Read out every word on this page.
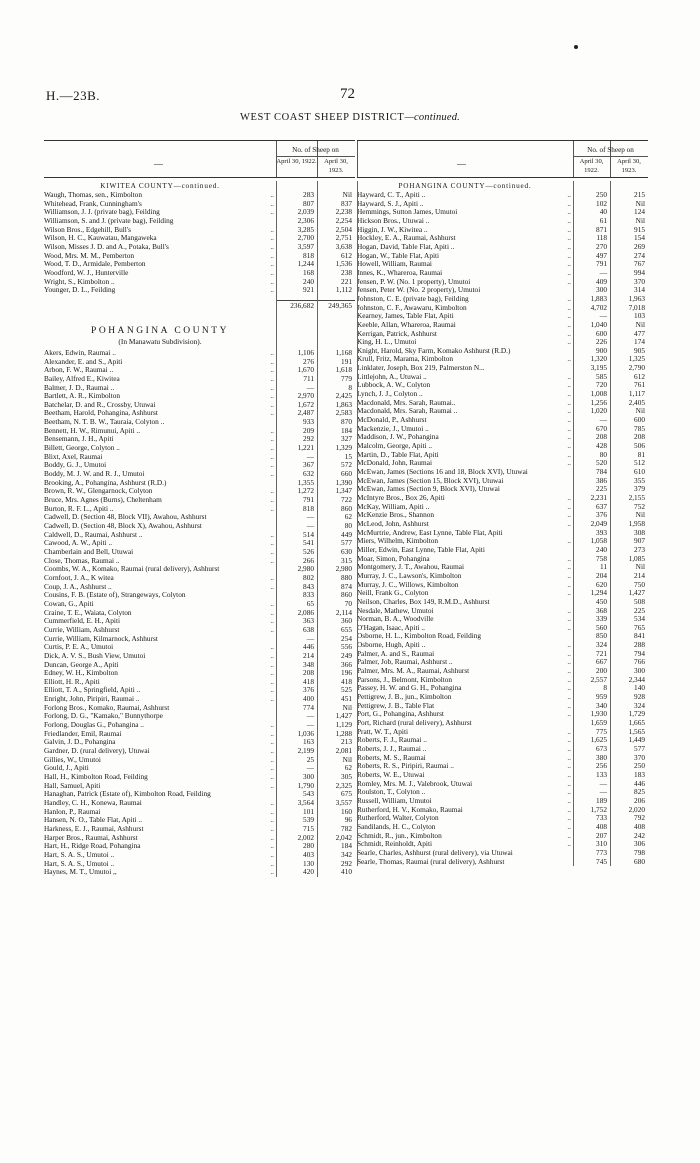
H.—23B.	72
WEST COAST SHEEP DISTRICT—continued.
—
No. of Sheep on
April 30, 1922.	April 30, 1923.
KIWITEA COUNTY—continued.
Waugh, Thomas, sen., Kimbolton	..	283	Nil
Whitehead, Frank, Cunningham's	..	807	837
Williamson, J. J. (private bag), Feilding	..	2,039	2,238
Williamson, S. and J. (private bag), Feilding	2,306	2,254
Wilson Bros., Edgehill, Bull's	..	3,285	2,504
Wilson, H. C., Kauwatau, Mangaweka	..	2,700	2,751
Wilson, Misses J. D. and A., Potaka, Bull's	..	3,597	3,638
Wood, Mrs. M. M., Pemberton	..	818	612
Wood, T. D., Armidale, Pemberton	..	1,244	1,536
Woodford, W. J., Hunterville	..	168	238
Wright, S., Kimbolton ..	..	240	221
Younger, D. L., Feilding	..	921	1,112
236,682	249,365
POHANGINA COUNTY
(In Manawatu Subdivision).
Akers, Edwin, Raumai ..	..	1,106	1,168
Alexander, E. and S., Apiti	..	276	191
Arbon, F. W., Raumai ..	..	1,670	1,618
Bailey, Alfred E., Kiwitea	..	711	779
Balmer, J. D., Raumai ..	..	—	8
Bartlett, A. R., Kimbolton	..	2,970	2,425
Batchelar, D. and R., Crossby, Utuwai	..	1,672	1,863
Beetham, Harold, Pohangina, Ashhurst	..	2,487	2,583
Beetham, N. T. B. W., Tauraia, Colyton ..	933	870
Bennett, H. W., Rimunui, Apiti ..	..	209	184
Bensemann, J. H., Apiti	..	292	327
Billett, George, Colyton ..	..	1,221	1,329
Blixt, Axel, Raumai	..	—	15
Boddy, G. J., Umutoi	..	367	572
Boddy, M. J. W. and R. J., Umutoi	..	632	660
Brooking, A., Pohangina, Ashhurst (R.D.)	1,355	1,390
Brown, R. W., Glengarnock, Colyton	..	1,272	1,347
Bruce, Mrs. Agnes (Burns), Cheltenham	..	791	722
Burton, R. F. L., Apiti ..	..	818	860
Cadwell, D. (Section 48, Block VII), Awahou, Ashhurst	—	62
Cadwell, D. (Section 48, Block X), Awahou, Ashhurst	—	80
Caldwell, D., Raumai, Ashhurst ..	..	514	449
Cawood, A. W., Apiti ..	..	541	577
Chamberlain and Bell, Utuwai	..	526	630
Close, Thomas, Raumai ..	..	266	315
Coombs, W. A., Komako, Raumai (rural delivery), Ashhurst	2,980	2,980
Cornfoot, J. A., K witea	..	802	880
Coup, J. A., Ashhurst ..	..	843	874
Cousins, F. B. (Estate of), Strangeways, Colyton	833	860
Cowan, G., Apiti	..	65	70
Craine, T. E., Waiata, Colyton	..	2,086	2,114
Cummerfield, E. H., Apiti	..	363	360
Currie, William, Ashhurst	..	638	655
Currie, William, Kilmarnock, Ashhurst	—	254
Curtis, P. E. A., Umutoi	..	446	556
Dick, A. V. S., Bush View, Umutoi	..	214	249
Duncan, George A., Apiti	..	348	366
Edney, W. H., Kimbolton	..	208	196
Elliott, H. R., Apiti	..	418	418
Elliott, T. A., Springfield, Apiti ..	..	376	525
Enright, John, Piripiri, Raumai ..	..	400	451
Forlong Bros., Komako, Raumai, Ashhurst	774	Nil
Forlong, D. G., "Kamako," Bunnythorpe	—	1,427
Forlong, Douglas G., Pohangina ..	..	—	1,129
Friedlander, Emil, Raumai	..	1,036	1,288
Galvin, J. D., Pohangina	..	163	213
Gardner, D. (rural delivery), Utuwai	..	2,199	2,081
Gillies, W., Umutoi	..	25	Nil
Gould, J., Apiti	..	—	62
Hall, H., Kimbolton Road, Feilding	..	300	305
Hall, Samuel, Apiti	..	1,790	2,325
Hanaghan, Patrick (Estate of), Kimbolton Road, Feilding	543	675
Handley, C. H., Konewa, Raumai	..	3,564	3,557
Hanlon, P., Raumai	..	101	160
Hansen, N. O., Table Flat, Apiti ..	..	539	96
Harkness, E. J., Raumai, Ashhurst	..	715	782
Harper Bros., Raumai, Ashhurst	..	2,002	2,042
Hart, H., Ridge Road, Pohangina	..	280	184
Hart, S. A. S., Umutoi ..	..	403	342
Hart, S. A. S., Umutoi ..	..	130	292
Haynes, M. T., Umutoi ,,	..	420	410
—
No. of Sheep on
April 30, 1922.
April 30, 1923.
POHANGINA COUNTY—continued.
Hayward, C. T., Apiti ..	..	250	215
Hayward, S. J., Apiti ..	..	102	Nil
Hemmings, Sutton James, Umutoi	..	40	124
Hickson Bros., Utuwai ..	..	61	Nil
Higgin, J. W., Kiwitea ..	..	871	915
Hockley, E. A., Raumai, Ashhurst	..	118	154
Hogan, David, Table Flat, Apiti ..	..	270	269
Hogan, W., Table Flat, Apiti	..	497	274
Howell, William, Raumai	..	791	767
Innes, K., Whareroa, Raumai	..	—	994
Jensen, P. W. (No. 1 property), Umutoi	..	409	370
Jensen, Peter W. (No. 2 property), Umutoi	300	314
Johnston, C. E. (private bag), Feilding	..	1,883	1,963
Johnston, C. F., Awawaru, Kimbolton	..	4,702	7,018
Kearney, James, Table Flat, Apiti	..	—	103
Keeble, Allan, Whareroa, Raumai	..	1,040	Nil
Kerrigan, Patrick, Ashhurst	..	600	477
King, H. L., Umutoi	..	226	174
Knight, Harold, Sky Farm, Komako Ashhurst (R.D.)	900	905
Krull, Fritz, Marama, Kimbolton	..	1,320	1,325
Linklater, Joseph, Box 219, Palmerston N...	3,195	2,790
Littlejohn, A., Utuwai ..	..	585	612
Lubbock, A. W., Colyton	..	720	761
Lynch, J. J., Colyton ..	..	1,008	1,117
Macdonald, Mrs. Sarah, Raumai..	..	1,256	2,405
Macdonald, Mrs. Sarah, Raumai ..	..	1,020	Nil
McDonald, P., Ashhurst	..	—	600
Mackenzie, J., Umutoi ..	..	670	785
Maddison, J. W., Pohangina	..	208	208
Malcolm, George, Apiti ..	..	428	506
Martin, D., Table Flat, Apiti	..	80	81
McDonald, John, Raumai	..	520	512
McEwan, James (Sections 16 and 18, Block XVI), Utuwai	784	610
McEwan, James (Section 15, Block XVI), Utuwai	386	355
McEwan, James (Section 9, Block XVI), Utuwai	225	379
McIntyre Bros., Box 26, Apiti	..	2,231	2,155
McKay, William, Apiti ..	..	637	752
McKenzie Bros., Shannon	..	376	Nil
McLeod, John, Ashhurst	..	2,049	1,958
McMurtrie, Andrew, East Lynne, Table Flat, Apiti	393	308
Miers, Wilhelm, Kimbolton	..	1,058	907
Miller, Edwin, East Lynne, Table Flat, Apiti	240	273
Moar, Simon, Pohangina	..	758	1,085
Montgomery, J. T., Awahou, Raumai	..	11	Nil
Murray, J. C., Lawson's, Kimbolton	..	204	214
Murray, J. C., Willows, Kimbolton	..	620	750
Neill, Frank G., Colyton	..	1,294	1,427
Neilson, Charles, Box 149, R.M.D., Ashhurst	450	508
Nesdale, Mathew, Umutoi	..	368	225
Norman, B. A., Woodville	..	339	534
O'Hagan, Isaac, Apiti ..	..	560	765
Osborne, H. L., Kimbolton Road, Feilding	850	841
Osborne, Hugh, Apiti ..	..	324	288
Palmer, A. and S., Raumai	..	721	794
Palmer, Job, Raumai, Ashhurst ..	..	667	766
Palmer, Mrs. M. A., Raumai, Ashhurst	..	200	300
Parsons, J., Belmont, Kimbolton	..	2,557	2,344
Passey, H. W. and G. H., Pohangina	..	8	140
Pettigrew, J. B., jun., Kimbolton	..	959	928
Pettigrew, J. B., Table Flat	..	340	324
Port, G., Pohangina, Ashhurst	..	1,930	1,729
Port, Richard (rural delivery), Ashhurst	1,659	1,665
Pratt, W. T., Apiti	..	775	1,565
Roberts, F. J., Raumai ..	..	1,625	1,449
Roberts, J. J., Raumai ..	..	673	577
Roberts, M. S., Raumai	..	380	370
Roberts, R. S., Piripiri, Raumai ..	..	256	250
Roberts, W. E., Utuwai	..	133	183
Romley, Mrs. M. J., Valebrook, Utuwai	..	—	446
Roulston, T., Colyton ..	..	—	825
Russell, William, Umutoi	..	189	206
Rutherford, H. V., Komako, Raumai	..	1,752	2,020
Rutherford, Walter, Colyton	..	733	792
Sandilands, H. C., Colyton	..	408	408
Schmidt, R., jun., Kimbolton	..	207	242
Schmidt, Reinholdt, Apiti	..	310	306
Searle, Charles, Ashhurst (rural delivery), via Utuwai	773	798
Searle, Thomas, Raumai (rural delivery), Ashhurst	745	680
